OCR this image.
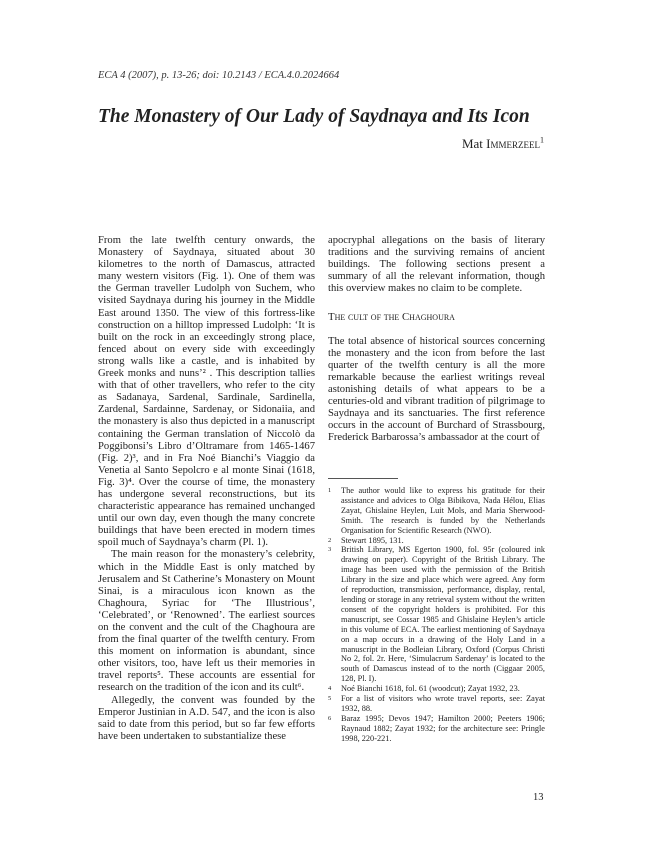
ECA 4 (2007), p. 13-26; doi: 10.2143 / ECA.4.0.2024664
The Monastery of Our Lady of Saydnaya and Its Icon
Mat Immerzeel$^1$

From the late twelfth century onwards, the Monastery of Saydnaya, situated about 30 kilometres to the north of Damascus, attracted many western visitors (Fig. 1). One of them was the German traveller Ludolph von Suchem, who visited Saydnaya during his journey in the Middle East around 1350. The view of this fortress-like construction on a hilltop impressed Ludolph: ‘It is built on the rock in an exceedingly strong place, fenced about on every side with exceedingly strong walls like a castle, and is inhabited by Greek monks and nuns’² . This description tallies with that of other travellers, who refer to the city as Sadanaya, Sardenal, Sardinale, Sardinella, Zardenal, Sardainne, Sardenay, or Sidonaiia, and the monastery is also thus depicted in a manuscript containing the German translation of Niccolò da Poggibonsi’s Libro d’Oltramare from 1465-1467 (Fig. 2)³, and in Fra Noé Bianchi’s Viaggio da Venetia al Santo Sepolcro e al monte Sinai (1618, Fig. 3)⁴. Over the course of time, the monastery has undergone several reconstructions, but its characteristic appearance has remained unchanged until our own day, even though the many concrete buildings that have been erected in modern times spoil much of Saydnaya’s charm (Pl. 1).

The main reason for the monastery’s celebrity, which in the Middle East is only matched by Jerusalem and St Catherine’s Monastery on Mount Sinai, is a miraculous icon known as the Chaghoura, Syriac for ‘The Illustrious’, ‘Celebrated’, or ‘Renowned’. The earliest sources on the convent and the cult of the Chaghoura are from the final quarter of the twelfth century. From this moment on information is abundant, since other visitors, too, have left us their memories in travel reports⁵. These accounts are essential for research on the tradition of the icon and its cult⁶.

Allegedly, the convent was founded by the Emperor Justinian in A.D. 547, and the icon is also said to date from this period, but so far few efforts have been undertaken to substantialize these

apocryphal allegations on the basis of literary traditions and the surviving remains of ancient buildings. The following sections present a summary of all the relevant information, though this overview makes no claim to be complete.

The cult of the Chaghoura

The total absence of historical sources concerning the monastery and the icon from before the last quarter of the twelfth century is all the more remarkable because the earliest writings reveal astonishing details of what appears to be a centuries-old and vibrant tradition of pilgrimage to Saydnaya and its sanctuaries. The first reference occurs in the account of Burchard of Strassbourg, Frederick Barbarossa’s ambassador at the court of

1	The author would like to express his gratitude for their assistance and advices to Olga Bibikova, Nada Hélou, Elias Zayat, Ghislaine Heylen, Luit Mols, and Maria Sherwood-Smith. The research is funded by the Netherlands Organisation for Scientific Research (NWO).
2	Stewart 1895, 131.
3	British Library, MS Egerton 1900, fol. 95r (coloured ink drawing on paper). Copyright of the British Library. The image has been used with the permission of the British Library in the size and place which were agreed. Any form of reproduction, transmission, performance, display, rental, lending or storage in any retrieval system without the written consent of the copyright holders is prohibited. For this manuscript, see Cossar 1985 and Ghislaine Heylen’s article in this volume of ECA. The earliest mentioning of Saydnaya on a map occurs in a drawing of the Holy Land in a manuscript in the Bodleian Library, Oxford (Corpus Christi No 2, fol. 2r. Here, ‘Simulacrum Sardenay’ is located to the south of Damascus instead of to the north (Ciggaar 2005, 128, Pl. I).
4	Noé Bianchi 1618, fol. 61 (woodcut); Zayat 1932, 23.
5	For a list of visitors who wrote travel reports, see: Zayat 1932, 88.
6	Baraz 1995; Devos 1947; Hamilton 2000; Peeters 1906; Raynaud 1882; Zayat 1932; for the architecture see: Pringle 1998, 220-221.
13
